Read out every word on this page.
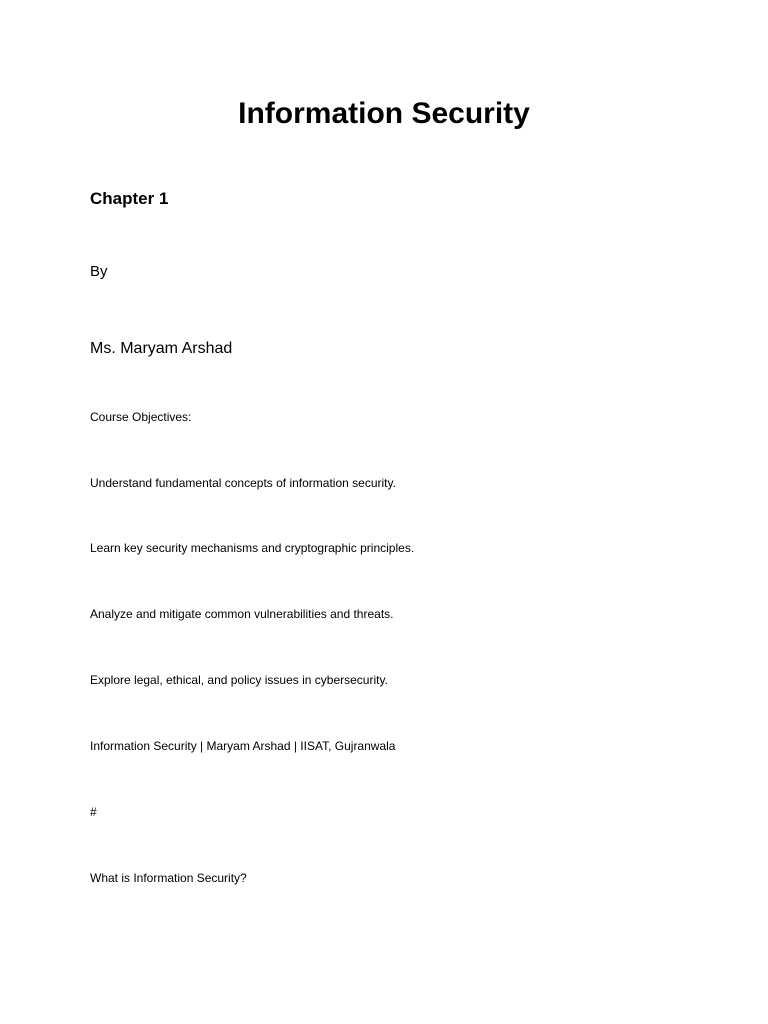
Information Security
Chapter 1
By
Ms. Maryam Arshad
Course Objectives:
Understand fundamental concepts of information security.
Learn key security mechanisms and cryptographic principles.
Analyze and mitigate common vulnerabilities and threats.
Explore legal, ethical, and policy issues in cybersecurity.
Information Security | Maryam Arshad | IISAT, Gujranwala
#
What is Information Security?
